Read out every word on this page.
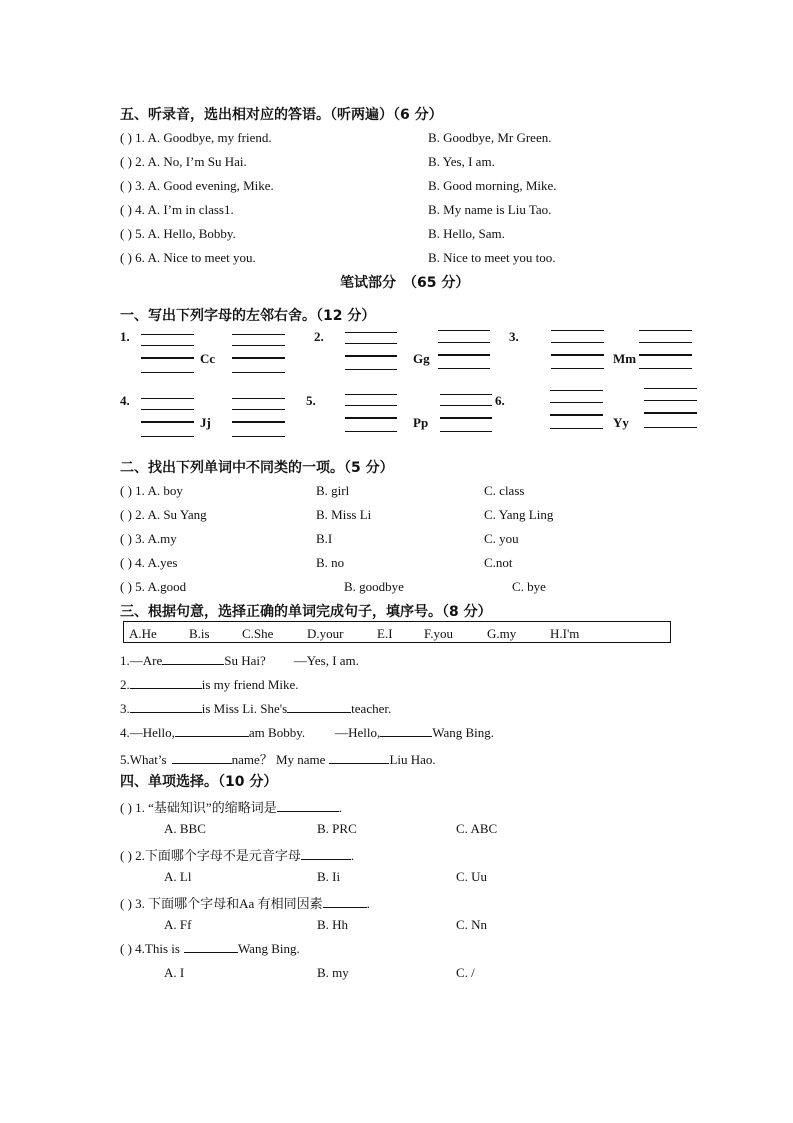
五、听录音，选出相对应的答语。（听两遍）（6 分）
( ) 1. A. Goodbye, my friend.	B. Goodbye, Mr Green.
( ) 2. A. No, I’m Su Hai.	B. Yes, I am.
( ) 3. A. Good evening, Mike.	B. Good morning, Mike.
( ) 4. A. I’m in class1.	B. My name is Liu Tao.
( ) 5. A. Hello, Bobby.	B. Hello, Sam.
( ) 6. A. Nice to meet you.	B. Nice to meet you too.
笔试部分　（65 分）
一、写出下列字母的左邻右舍。（12 分）
1.
Cc
2.
Gg
3.
Mm
4.
Jj
5.
Pp
6.
Yy
二、找出下列单词中不同类的一项。（5 分）
( ) 1. A. boy	B. girl	C. class
( ) 2. A. Su Yang	B. Miss Li	C. Yang Ling
( ) 3. A.my	B.I	C. you
( ) 4. A.yes	B. no	C.not
( ) 5. A.good	B. goodbye	C. bye
三、根据句意，选择正确的单词完成句子，填序号。（8 分）
A.He B.is C.She	D.your	E.I F.you	G.my	H.I'm
1.—Are	Su Hai? —Yes, I am.
2.	is my friend Mike.
3.	is Miss Li. She's	teacher.
4.—Hello,	am Bobby. —Hello,	Wang Bing.
5.What’s	name？ My name	Liu Hao.
四、单项选择。（10 分）
( ) 1. “基础知识”的缩略词是	.
A. BBC	B. PRC	C. ABC
( ) 2.下面哪个字母不是元音字母	.
A. Ll	B. Ii	C. Uu
( ) 3. 下面哪个字母和Aa 有相同因素	.
A. Ff	B. Hh	C. Nn
( ) 4.This is	Wang Bing.
A. I	B. my	C. /
